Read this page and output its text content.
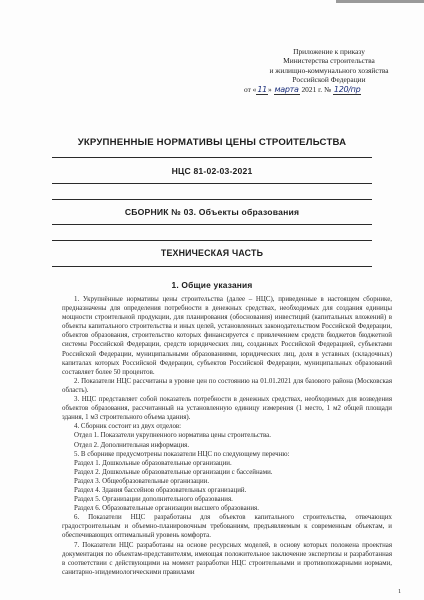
Приложение к приказу
Министерства строительства
и жилищно-коммунального хозяйства
Российской Федерации
от «11» марта 2021 г. № 120/пр
УКРУПНЕННЫЕ НОРМАТИВЫ ЦЕНЫ СТРОИТЕЛЬСТВА
НЦС 81-02-03-2021
СБОРНИК № 03. Объекты образования
ТЕХНИЧЕСКАЯ ЧАСТЬ
1. Общие указания

1. Укрупнённые нормативы цены строительства (далее – НЦС), приведенные в настоящем сборнике, предназначены для определения потребности в денежных средствах, необходимых для создания единицы мощности строительной продукции, для планирования (обоснования) инвестиций (капитальных вложений) в объекты капитального строительства и иных целей, установленных законодательством Российской Федерации, объектов образования, строительство которых финансируется с привлечением средств бюджетов бюджетной системы Российской Федерации, средств юридических лиц, созданных Российской Федерацией, субъектами Российской Федерации, муниципальными образованиями, юридических лиц, доля в уставных (складочных) капиталах которых Российской Федерации, субъектов Российской Федерации, муниципальных образований составляет более 50 процентов.

2. Показатели НЦС рассчитаны в уровне цен по состоянию на 01.01.2021 для базового района (Московская область).

3. НЦС представляет собой показатель потребности в денежных средствах, необходимых для возведения объектов образования, рассчитанный на установленную единицу измерения (1 место, 1 м2 общей площади здания, 1 м3 строительного объема здания).

4. Сборник состоит из двух отделов:

Отдел 1. Показатели укрупненного норматива цены строительства.

Отдел 2. Дополнительная информация.

5. В сборнике предусмотрены показатели НЦС по следующему перечню:

Раздел 1. Дошкольные образовательные организации.

Раздел 2. Дошкольные образовательные организации с бассейнами.

Раздел 3. Общеобразовательные организации.

Раздел 4. Здания бассейнов образовательных организаций.

Раздел 5. Организации дополнительного образования.

Раздел 6. Образовательные организации высшего образования.

6. Показатели НЦС разработаны для объектов капитального строительства, отвечающих градостроительным и объемно-планировочным требованиям, предъявляемым к современным объектам, и обеспечивающих оптимальный уровень комфорта.

7. Показатели НЦС разработаны на основе ресурсных моделей, в основу которых положена проектная документация по объектам-представителям, имеющая положительное заключение экспертизы и разработанная в соответствии с действующими на момент разработки НЦС строительными и противопожарными нормами, санитарно-эпидемиологическими правилами

1
